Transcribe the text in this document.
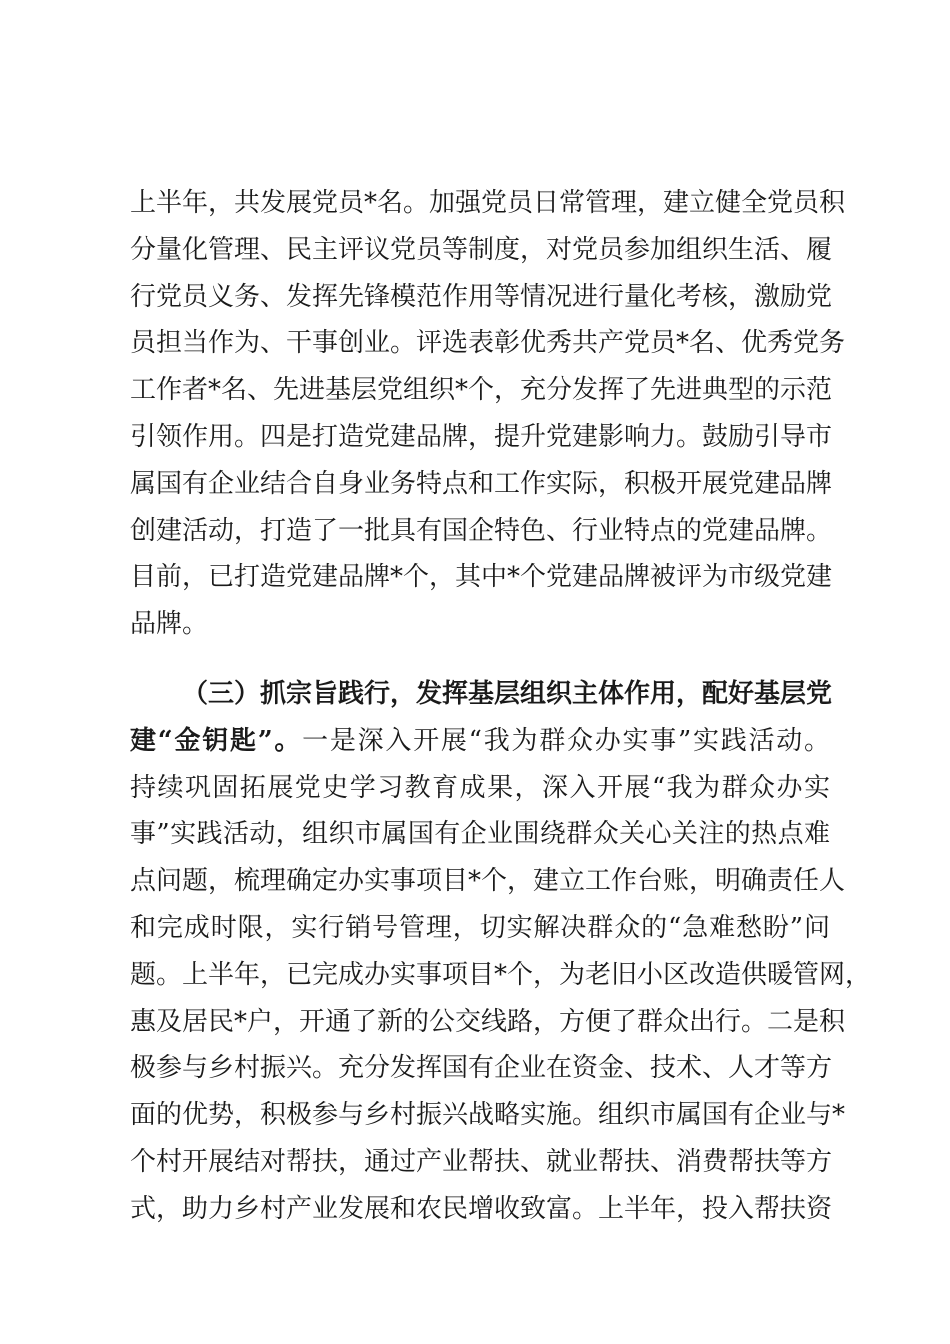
上半年，共发展党员*名。加强党员日常管理，建立健全党员积
分量化管理、民主评议党员等制度，对党员参加组织生活、履
行党员义务、发挥先锋模范作用等情况进行量化考核，激励党
员担当作为、干事创业。评选表彰优秀共产党员*名、优秀党务
工作者*名、先进基层党组织*个，充分发挥了先进典型的示范
引领作用。四是打造党建品牌，提升党建影响力。鼓励引导市
属国有企业结合自身业务特点和工作实际，积极开展党建品牌
创建活动，打造了一批具有国企特色、行业特点的党建品牌。
目前，已打造党建品牌*个，其中*个党建品牌被评为市级党建
品牌。
（三）抓宗旨践行，发挥基层组织主体作用，配好基层党
建“金钥匙”。一是深入开展“我为群众办实事”实践活动。
持续巩固拓展党史学习教育成果，深入开展“我为群众办实
事”实践活动，组织市属国有企业围绕群众关心关注的热点难
点问题，梳理确定办实事项目*个，建立工作台账，明确责任人
和完成时限，实行销号管理，切实解决群众的“急难愁盼”问
题。上半年，已完成办实事项目*个，为老旧小区改造供暖管网，
惠及居民*户，开通了新的公交线路，方便了群众出行。二是积
极参与乡村振兴。充分发挥国有企业在资金、技术、人才等方
面的优势，积极参与乡村振兴战略实施。组织市属国有企业与*
个村开展结对帮扶，通过产业帮扶、就业帮扶、消费帮扶等方
式，助力乡村产业发展和农民增收致富。上半年，投入帮扶资
